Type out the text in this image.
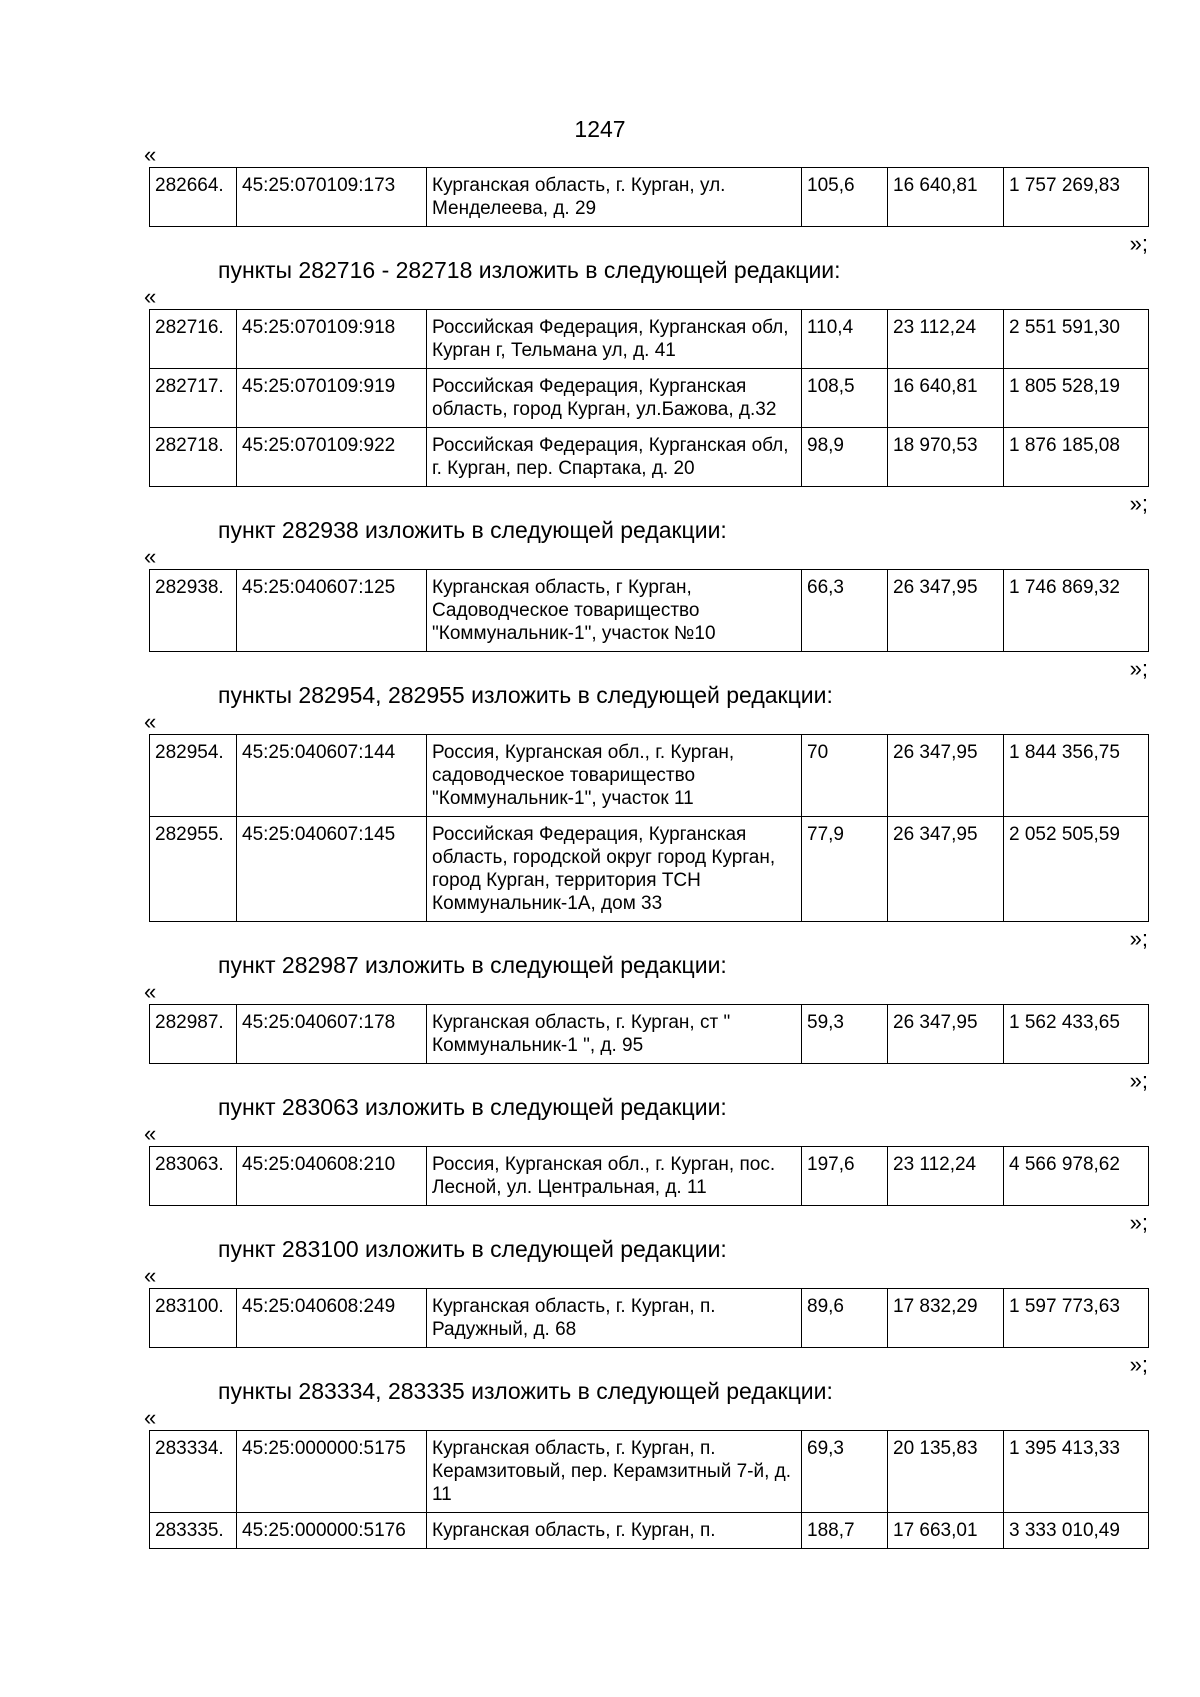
1247
«
282664.	45:25:070109:173	Курганская область, г. Курган, ул. Менделеева, д. 29	105,6	16 640,81	1 757 269,83
»;
пункты 282716 - 282718 изложить в следующей редакции:
«
282716.	45:25:070109:918	Российская Федерация, Курганская обл, Курган г, Тельмана ул, д. 41	110,4	23 112,24	2 551 591,30
282717.	45:25:070109:919	Российская Федерация, Курганская область, город Курган, ул.Бажова, д.32	108,5	16 640,81	1 805 528,19
282718.	45:25:070109:922	Российская Федерация, Курганская обл, г. Курган, пер. Спартака, д. 20	98,9	18 970,53	1 876 185,08
»;
пункт 282938 изложить в следующей редакции:
«
282938.	45:25:040607:125	Курганская область, г Курган, Садоводческое товарищество "Коммунальник-1", участок №10	66,3	26 347,95	1 746 869,32
»;
пункты 282954, 282955 изложить в следующей редакции:
«
282954.	45:25:040607:144	Россия, Курганская обл., г. Курган, садоводческое товарищество "Коммунальник-1", участок 11	70	26 347,95	1 844 356,75
282955.	45:25:040607:145	Российская Федерация, Курганская область, городской округ город Курган, город Курган, территория ТСН Коммунальник-1А, дом 33	77,9	26 347,95	2 052 505,59
»;
пункт 282987 изложить в следующей редакции:
«
282987.	45:25:040607:178	Курганская область, г. Курган, ст " Коммунальник-1 ", д. 95	59,3	26 347,95	1 562 433,65
»;
пункт 283063 изложить в следующей редакции:
«
283063.	45:25:040608:210	Россия, Курганская обл., г. Курган, пос. Лесной, ул. Центральная, д. 11	197,6	23 112,24	4 566 978,62
»;
пункт 283100 изложить в следующей редакции:
«
283100.	45:25:040608:249	Курганская область, г. Курган, п. Радужный, д. 68	89,6	17 832,29	1 597 773,63
»;
пункты 283334, 283335 изложить в следующей редакции:
«
283334.	45:25:000000:5175	Курганская область, г. Курган, п. Керамзитовый, пер. Керамзитный 7-й, д. 11	69,3	20 135,83	1 395 413,33
283335.	45:25:000000:5176	Курганская область, г. Курган, п.	188,7	17 663,01	3 333 010,49
